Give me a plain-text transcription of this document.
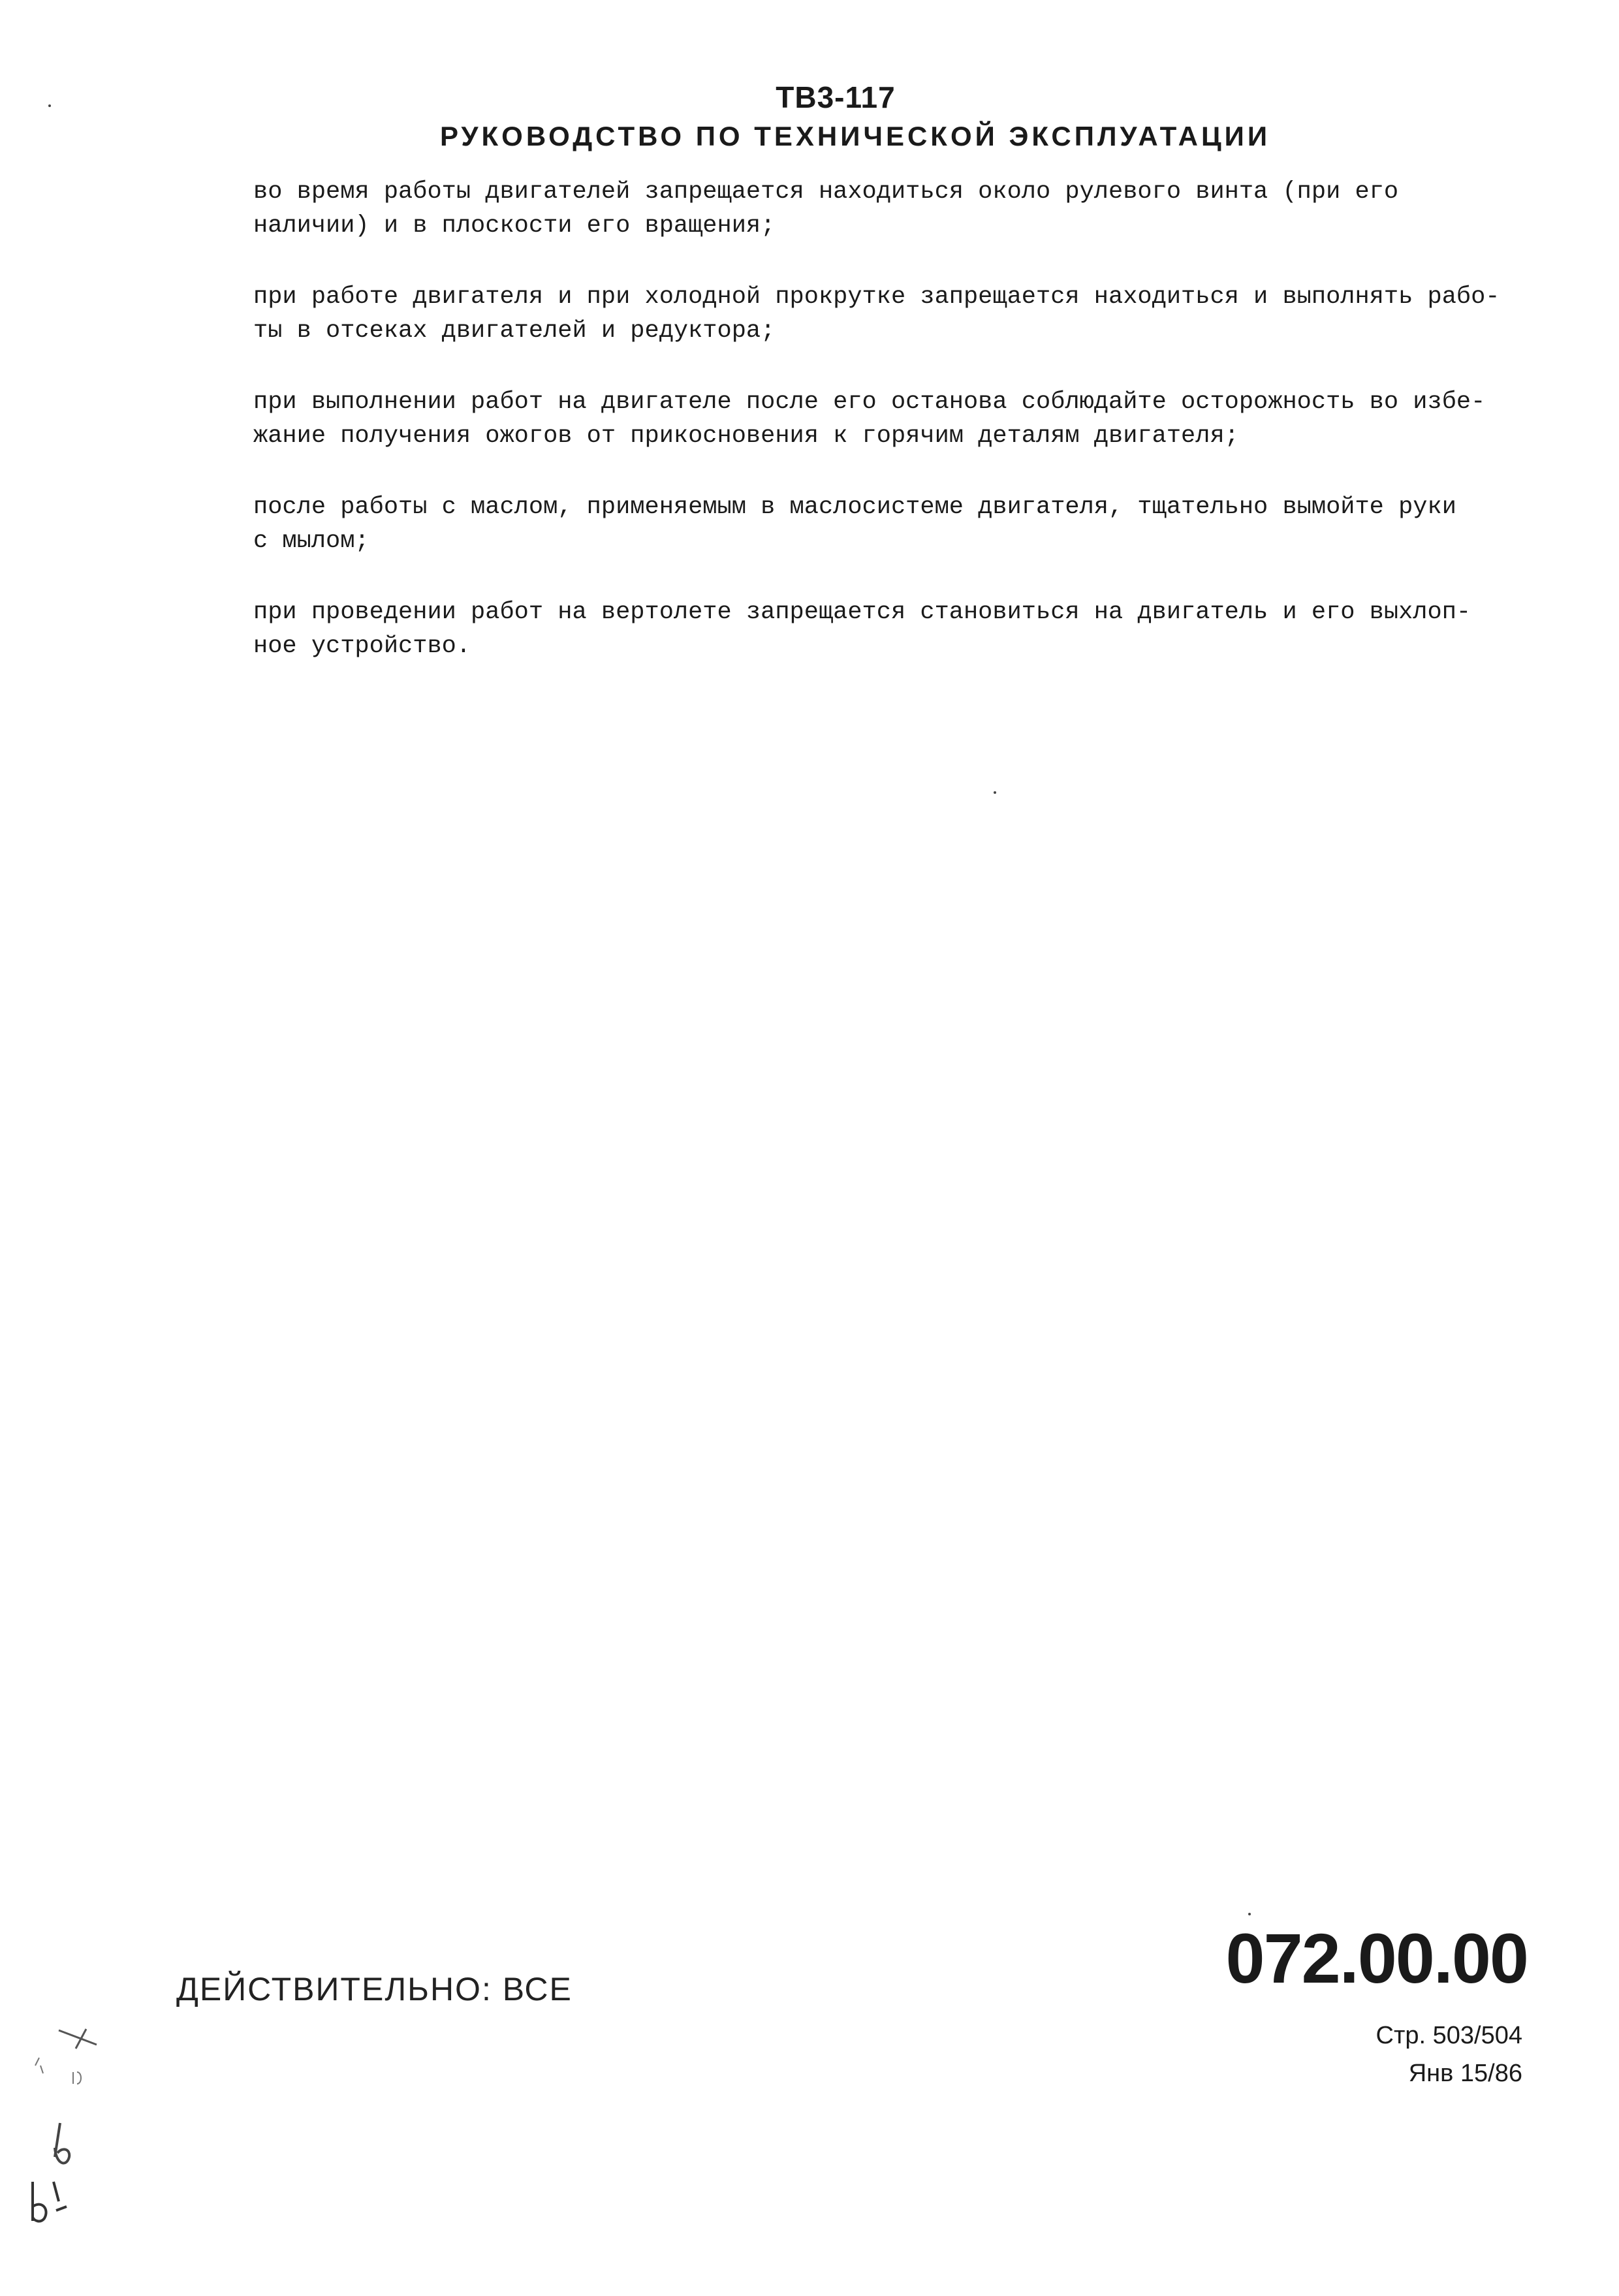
ТВ3-117
РУКОВОДСТВО ПО ТЕХНИЧЕСКОЙ ЭКСПЛУАТАЦИИ
во время работы двигателей запрещается находиться около рулевого винта (при его
наличии) и в плоскости его вращения;
при работе двигателя и при холодной прокрутке запрещается находиться и выполнять рабо-
ты в отсеках двигателей и редуктора;
при выполнении работ на двигателе после его останова соблюдайте осторожность во избе-
жание получения ожогов от прикосновения к горячим деталям двигателя;
после работы с маслом, применяемым в маслосистеме двигателя, тщательно вымойте руки
с мылом;
при проведении работ на вертолете запрещается становиться на двигатель и его выхлоп-
ное устройство.
ДЕЙСТВИТЕЛЬНО: ВСЕ	072.00.00
Стр. 503/504
Янв 15/86
